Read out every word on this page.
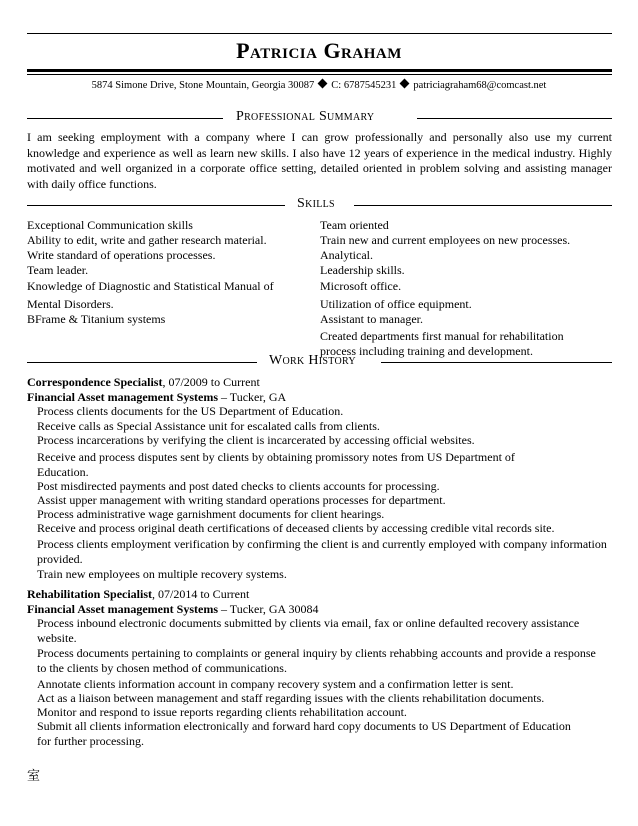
Patricia Graham
5874 Simone Drive, Stone Mountain, Georgia 30087 C: 6787545231 patriciagraham68@comcast.net
Professional Summary
I am seeking employment with a company where I can grow professionally and personally also use my current knowledge and experience as well as learn new skills. I also have 12 years of experience in the medical industry. Highly motivated and well organized in a corporate office setting, detailed oriented in problem solving and assisting manager with daily office functions.
Skills
Exceptional Communication skills
Ability to edit, write and gather research material.
Write standard of operations processes.
Team leader.
Knowledge of Diagnostic and Statistical Manual of
Mental Disorders.
BFrame & Titanium systems
Team oriented
Train new and current employees on new processes.
Analytical.
Leadership skills.
Microsoft office.
Utilization of office equipment.
Assistant to manager.
Created departments first manual for rehabilitation
process including training and development.
Work History
Correspondence Specialist, 07/2009 to Current
Financial Asset management Systems – Tucker, GA
Process clients documents for the US Department of Education.
Receive calls as Special Assistance unit for escalated calls from clients.
Process incarcerations by verifying the client is incarcerated by accessing official websites.
Receive and process disputes sent by clients by obtaining promissory notes from US Department of Education.
Post misdirected payments and post dated checks to clients accounts for processing.
Assist upper management with writing standard operations processes for department.
Process administrative wage garnishment documents for client hearings.
Receive and process original death certifications of deceased clients by accessing credible vital records site.
Process clients employment verification by confirming the client is and currently employed with company information provided.
Train new employees on multiple recovery systems.
Rehabilitation Specialist, 07/2014 to Current
Financial Asset management Systems – Tucker, GA 30084
Process inbound electronic documents submitted by clients via email, fax or online defaulted recovery assistance website.
Process documents pertaining to complaints or general inquiry by clients rehabbing accounts and provide a response to the clients by chosen method of communications.
Annotate clients information account in company recovery system and a confirmation letter is sent.
Act as a liaison between management and staff regarding issues with the clients rehabilitation documents.
Monitor and respond to issue reports regarding clients rehabilitation account.
Submit all clients information electronically and forward hard copy documents to US Department of Education for further processing.
室
